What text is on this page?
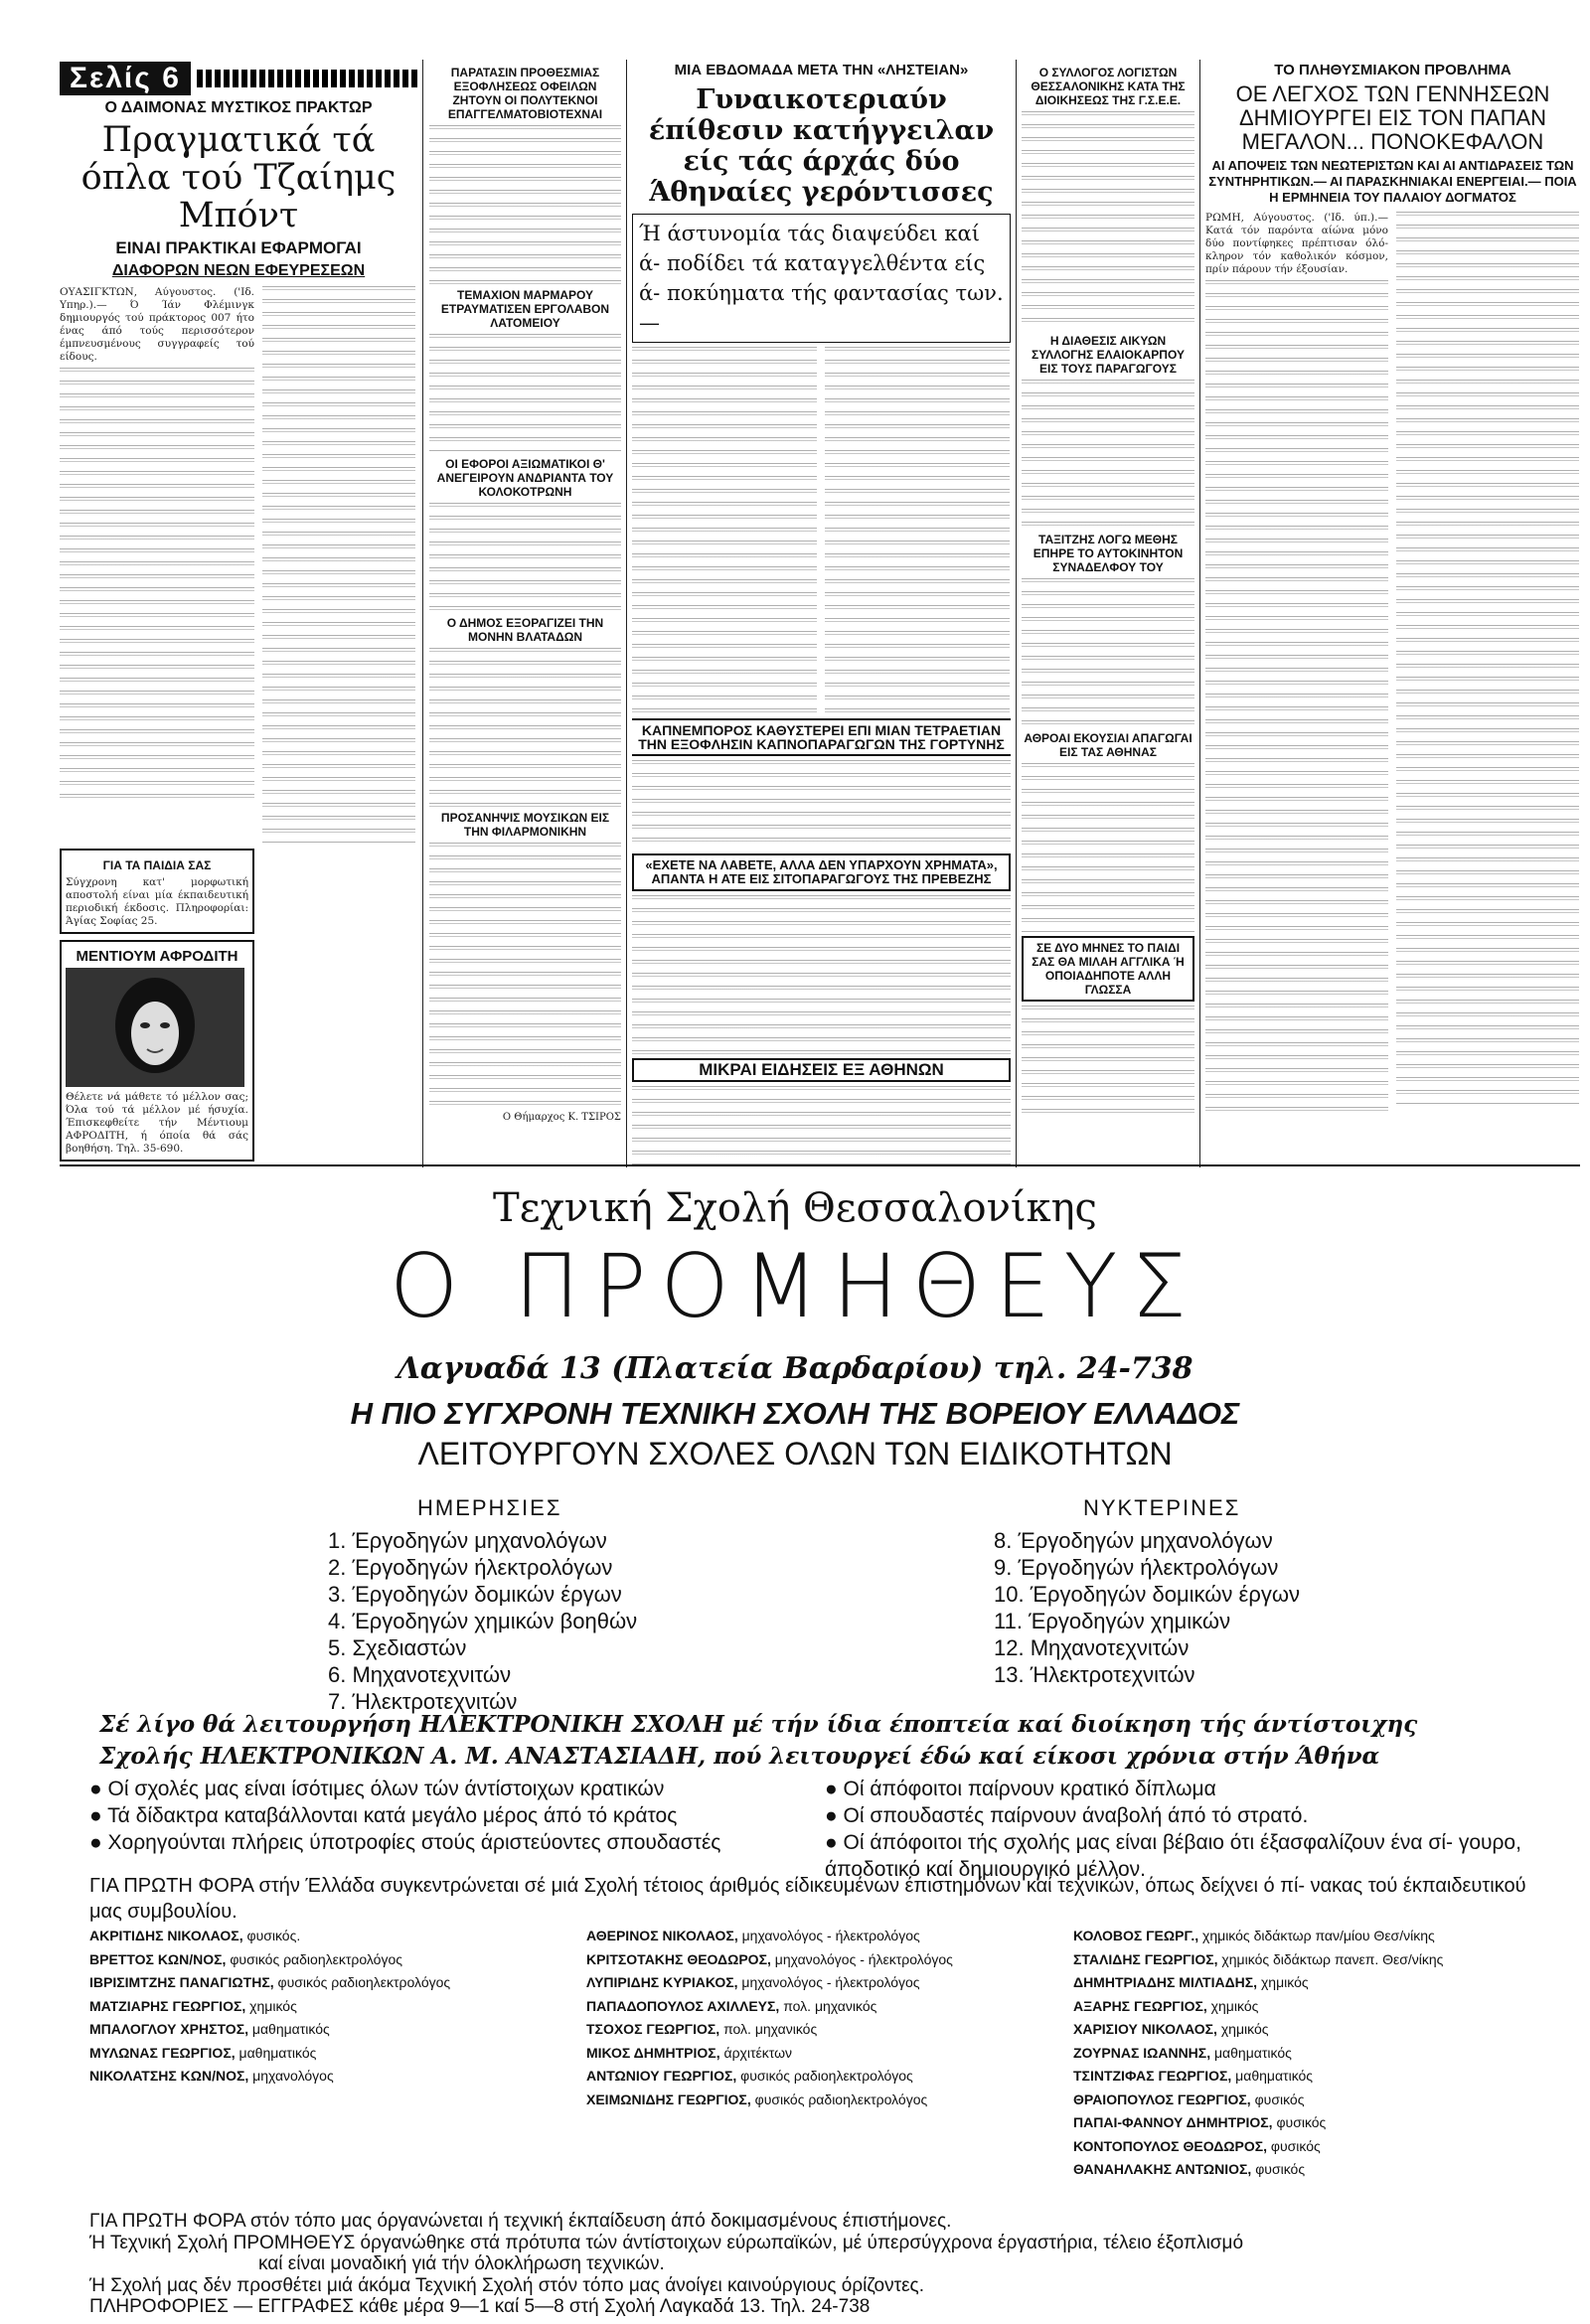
Σελίς 6
Ο ΔΑΙΜΟΝΑΣ ΜΥΣΤΙΚΟΣ ΠΡΑΚΤΩΡ
Πραγματικά τά όπλα τού Τζαίημς Μπόντ
ΕΙΝΑΙ ΠΡΑΚΤΙΚΑΙ ΕΦΑΡΜΟΓΑΙ
ΔΙΑΦΟΡΩΝ ΝΕΩΝ ΕΦΕΥΡΕΣΕΩΝ
ΟΥΑΣΙΓΚΤΩΝ, Αύγουστος. ('Ιδ. Υπηρ.).— Ό Ίάν Φλέμινγκ δημιουργός τού πράκτορος 007 ήτο ένας άπό τούς περισσότερον έμπνευσμένους συγγραφείς τού είδους.
ΓΙΑ ΤΑ ΠΑΙΔΙΑ ΣΑΣ
Σύγχρονη κατ' μορφωτική αποστολή είναι μία έκπαιδευτική περιοδική έκδοσις. Πληροφορίαι: Άγίας Σοφίας 25.
ΜΕΝΤΙΟΥΜ ΑΦΡΟΔΙΤΗ
Θέλετε νά μάθετε τό μέλλον σας; Όλα τού τά μέλλον μέ ήσυχία. Έπισκεφθείτε τήν Μέντιουμ ΑΦΡΟΔΙΤΗ, ή όποία θά σάς βοηθήση. Τηλ. 35-690.
ΠΑΡΑΤΑΣΙΝ ΠΡΟΘΕΣΜΙΑΣ ΕΞΟΦΛΗΣΕΩΣ ΟΦΕΙΛΩΝ ΖΗΤΟΥΝ ΟΙ ΠΟΛΥΤΕΚΝΟΙ ΕΠΑΓΓΕΛΜΑΤΟΒΙΟΤΕΧΝΑΙ
ΤΕΜΑΧΙΟΝ ΜΑΡΜΑΡΟΥ ΕΤΡΑΥΜΑΤΙΣΕΝ ΕΡΓΟΛΑΒΟΝ ΛΑΤΟΜΕΙΟΥ
ΟΙ ΕΦΟΡΟΙ ΑΞΙΩΜΑΤΙΚΟΙ Θ' ΑΝΕΓΕΙΡΟΥΝ ΑΝΔΡΙΑΝΤΑ ΤΟΥ ΚΟΛΟΚΟΤΡΩΝΗ
Ο ΔΗΜΟΣ ΕΞΟΡΑΓΙΖΕΙ ΤΗΝ ΜΟΝΗΝ ΒΛΑΤΑΔΩΝ
ΠΡΟΣΑΝΗΨΙΣ ΜΟΥΣΙΚΩΝ ΕΙΣ ΤΗΝ ΦΙΛΑΡΜΟΝΙΚΗΝ
Ο Θήμαρχος Κ. ΤΣΙΡΟΣ
ΜΙΑ ΕΒΔΟΜΑΔΑ ΜΕΤΑ ΤΗΝ «ΛΗΣΤΕΙΑΝ»
Γυναικοτεριαύν έπίθεσιν κατήγγειλαν είς τάς άρχάς δύο Άθηναίες γερόντισσες
Ή άστυνομία τάς διαψεύδει καί ά- ποδίδει τά καταγγελθέντα είς ά- πoκύηματα τής φαντασίας των.—
ΚΑΠΝΕΜΠΟΡΟΣ ΚΑΘΥΣΤΕΡΕΙ ΕΠΙ ΜΙΑΝ ΤΕΤΡΑΕΤΙΑΝ ΤΗΝ ΕΞΟΦΛΗΣΙΝ ΚΑΠΝΟΠΑΡΑΓΩΓΩΝ ΤΗΣ ΓΟΡΤΥΝΗΣ
«ΕΧΕΤΕ ΝΑ ΛΑΒΕΤΕ, ΑΛΛΑ ΔΕΝ ΥΠΑΡΧΟΥΝ ΧΡΗΜΑΤΑ», ΑΠΑΝΤΑ Η ΑΤΕ ΕΙΣ ΣΙΤΟΠΑΡΑΓΩΓΟΥΣ ΤΗΣ ΠΡΕΒΕΖΗΣ
ΜΙΚΡΑΙ ΕΙΔΗΣΕΙΣ ΕΞ ΑΘΗΝΩΝ
Ο ΣΥΛΛΟΓΟΣ ΛΟΓΙΣΤΩΝ ΘΕΣΣΑΛΟΝΙΚΗΣ ΚΑΤΑ ΤΗΣ ΔΙΟΙΚΗΣΕΩΣ ΤΗΣ Γ.Σ.Ε.Ε.
Η ΔΙΑΘΕΣΙΣ ΑΙΚΥΩΝ ΣΥΛΛΟΓΗΣ ΕΛΑΙΟΚΑΡΠΟΥ ΕΙΣ ΤΟΥΣ ΠΑΡΑΓΩΓΟΥΣ
ΤΑΞΙΤΖΗΣ ΛΟΓΩ ΜΕΘΗΣ ΕΠΗΡΕ ΤΟ ΑΥΤΟΚΙΝΗΤΟΝ ΣΥΝΑΔΕΛΦΟΥ ΤΟΥ
ΑΘΡΟΑΙ ΕΚΟΥΣΙΑΙ ΑΠΑΓΩΓΑΙ ΕΙΣ ΤΑΣ ΑΘΗΝΑΣ
ΣΕ ΔΥΟ ΜΗΝΕΣ ΤΟ ΠΑΙΔΙ ΣΑΣ ΘΑ ΜΙΛΑΗ ΑΓΓΛΙΚΑ Ή ΟΠΟΙΑΔΗΠΟΤΕ ΑΛΛΗ ΓΛΩΣΣΑ
ΤΟ ΠΛΗΘΥΣΜΙΑΚΟΝ ΠΡΟΒΛΗΜΑ
ΟΕ ΛΕΓΧΟΣ ΤΩΝ ΓΕΝΝΗΣΕΩΝ ΔΗΜΙΟΥΡΓΕΙ ΕΙΣ ΤΟΝ ΠΑΠΑΝ ΜΕΓΑΛΟΝ... ΠΟΝΟΚΕΦΑΛΟΝ
ΑΙ ΑΠΟΨΕΙΣ ΤΩΝ ΝΕΩΤΕΡΙΣΤΩΝ ΚΑΙ ΑΙ ΑΝΤΙΔΡΑΣΕΙΣ ΤΩΝ ΣΥΝΤΗΡΗΤΙΚΩΝ.— ΑΙ ΠΑΡΑΣΚΗΝΙΑΚΑΙ ΕΝΕΡΓΕΙΑΙ.— ΠΟΙΑ Η ΕΡΜΗΝΕΙΑ ΤΟΥ ΠΑΛΑΙΟΥ ΔΟΓΜΑΤΟΣ
ΡΩΜΗ, Αύγουστος. ('Ιδ. ύπ.).— Κατά τόν παρόντα αίώνα μόνο δύο ποντίφηκες πρέπτισαν όλό- κληρον τόν καθολικόν κόσμον, πρίν πάρουν τήν έξουσίαν.
Τεχνική Σχολή Θεσσαλονίκης
Ο ΠΡΟΜΗΘΕΥΣ
Λαγυαδά 13 (Πλατεία Βαρδαρίου) τηλ. 24-738
Η ΠΙΟ ΣΥΓΧΡΟΝΗ ΤΕΧΝΙΚΗ ΣΧΟΛΗ ΤΗΣ ΒΟΡΕΙΟΥ ΕΛΛΑΔΟΣ
ΛΕΙΤΟΥΡΓΟΥΝ ΣΧΟΛΕΣ ΟΛΩΝ ΤΩΝ ΕΙΔΙΚΟΤΗΤΩΝ
ΗΜΕΡΗΣΙΕΣ
1. Έργοδηγών μηχανολόγων
2. Έργοδηγών ήλεκτρολόγων
3. Έργοδηγών δομικών έργων
4. Έργοδηγών χημικών βοηθών
5. Σχεδιαστών
6. Μηχανοτεχνιτών
7. Ήλεκτροτεχνιτών
ΝΥΚΤΕΡΙΝΕΣ
8. Έργοδηγών μηχανολόγων
9. Έργοδηγών ήλεκτρολόγων
10. Έργοδηγών δομικών έργων
11. Έργοδηγών χημικών
12. Μηχανοτεχνιτών
13. Ήλεκτροτεχνιτών
Σέ λίγο θά λειτουργήση ΗΛΕΚΤΡΟΝΙΚΗ ΣΧΟΛΗ μέ τήν ίδια έποπτεία καί διοίκηση τής άντίστοιχης
Σχολής ΗΛΕΚΤΡΟΝΙΚΩΝ Α. Μ. ΑΝΑΣΤΑΣΙΑΔΗ, πού λειτουργεί έδώ καί είκοσι χρόνια στήν Άθήνα
● Οί σχολές μας είναι ίσότιμες όλων τών άντίστοιχων κρατικών
● Τά δίδακτρα καταβάλλονται κατά μεγάλο μέρος άπό τό κράτος
● Χορηγούνται πλήρεις ύποτροφίες στούς άριστεύοντες σπουδαστές
● Οί άπόφοιτοι παίρνουν κρατικό δίπλωμα
● Οί σπουδαστές παίρνουν άναβολή άπό τό στρατό.
● Οί άπόφοιτοι τής σχολής μας είναι βέβαιο ότι έξασφαλίζουν ένα σί- γουρο, άποδοτικό καί δημιουργικό μέλλον.
ΓΙΑ ΠΡΩΤΗ ΦΟΡΑ στήν Έλλάδα συγκεντρώνεται σέ μιά Σχολή τέτοιος άριθμός είδικευμένων έπιστημόνων καί τεχνικών, όπως δείχνει ό πί- νακας τού έκπαιδευτικού μας συμβουλίου.
ΑΚΡΙΤΙΔΗΣ ΝΙΚΟΛΑΟΣ, φυσικός.
ΒΡΕΤΤΟΣ ΚΩΝ/ΝΟΣ, φυσικός ραδιοηλεκτρολόγος
ΙΒΡΙΣΙΜΤΖΗΣ ΠΑΝΑΓΙΩΤΗΣ, φυσικός ραδιοηλεκτρολόγος
ΜΑΤΖΙΑΡΗΣ ΓΕΩΡΓΙΟΣ, χημικός
ΜΠΑΛΟΓΛΟΥ ΧΡΗΣΤΟΣ, μαθηματικός
ΜΥΛΩΝΑΣ ΓΕΩΡΓΙΟΣ, μαθηματικός
ΝΙΚΟΛΑΤΣΗΣ ΚΩΝ/ΝΟΣ, μηχανολόγος
ΑΘΕΡΙΝΟΣ ΝΙΚΟΛΑΟΣ, μηχανολόγος - ήλεκτρολόγος
ΚΡΙΤΣΟΤΑΚΗΣ ΘΕΟΔΩΡΟΣ, μηχανολόγος - ήλεκτρολόγος
ΛΥΠΙΡΙΔΗΣ ΚΥΡΙΑΚΟΣ, μηχανολόγος - ήλεκτρολόγος
ΠΑΠΑΔΟΠΟΥΛΟΣ ΑΧΙΛΛΕΥΣ, πολ. μηχανικός
ΤΣΟΧΟΣ ΓΕΩΡΓΙΟΣ, πολ. μηχανικός
ΜΙΚΟΣ ΔΗΜΗΤΡΙΟΣ, άρχιτέκτων
ΑΝΤΩΝΙΟΥ ΓΕΩΡΓΙΟΣ, φυσικός ραδιοηλεκτρολόγος
ΧΕΙΜΩΝΙΔΗΣ ΓΕΩΡΓΙΟΣ, φυσικός ραδιοηλεκτρολόγος
ΚΟΛΟΒΟΣ ΓΕΩΡΓ., χημικός διδάκτωρ παν/μίου Θεσ/νίκης
ΣΤΑΛΙΔΗΣ ΓΕΩΡΓΙΟΣ, χημικός διδάκτωρ πανεπ. Θεσ/νίκης
ΔΗΜΗΤΡΙΑΔΗΣ ΜΙΛΤΙΑΔΗΣ, χημικός
ΑΞΑΡΗΣ ΓΕΩΡΓΙΟΣ, χημικός
ΧΑΡΙΣΙΟΥ ΝΙΚΟΛΑΟΣ, χημικός
ΖΟΥΡΝΑΣ ΙΩΑΝΝΗΣ, μαθηματικός
ΤΣΙΝΤΖΙΦΑΣ ΓΕΩΡΓΙΟΣ, μαθηματικός
ΘΡΑΙΟΠΟΥΛΟΣ ΓΕΩΡΓΙΟΣ, φυσικός
ΠΑΠΑΙ-ΦΑΝΝΟΥ ΔΗΜΗΤΡΙΟΣ, φυσικός
ΚΟΝΤΟΠΟΥΛΟΣ ΘΕΟΔΩΡΟΣ, φυσικός
ΘΑΝΑΗΛΑΚΗΣ ΑΝΤΩΝΙΟΣ, φυσικός
ΓΙΑ ΠΡΩΤΗ ΦΟΡΑ στόν τόπο μας όργανώνεται ή τεχνική έκπαίδευση άπό δοκιμασμένους έπιστήμονες.
Ή Τεχνική Σχολή ΠΡΟΜΗΘΕΥΣ όργανώθηκε στά πρότυπα τών άντίστοιχων εύρωπαϊκών, μέ ύπερσύγχρονα έργαστήρια, τέλειο έξοπλισμό
καί είναι μοναδική γιά τήν όλοκλήρωση τεχνικών.
Ή Σχολή μας δέν προσθέτει μιά άκόμα Τεχνική Σχολή στόν τόπο μας άνοίγει καινούργιους όρίζοντες.
ΠΛΗΡΟΦΟΡΙΕΣ — ΕΓΓΡΑΦΕΣ κάθε μέρα 9—1 καί 5—8 στή Σχολή Λαγκαδά 13. Τηλ. 24-738
